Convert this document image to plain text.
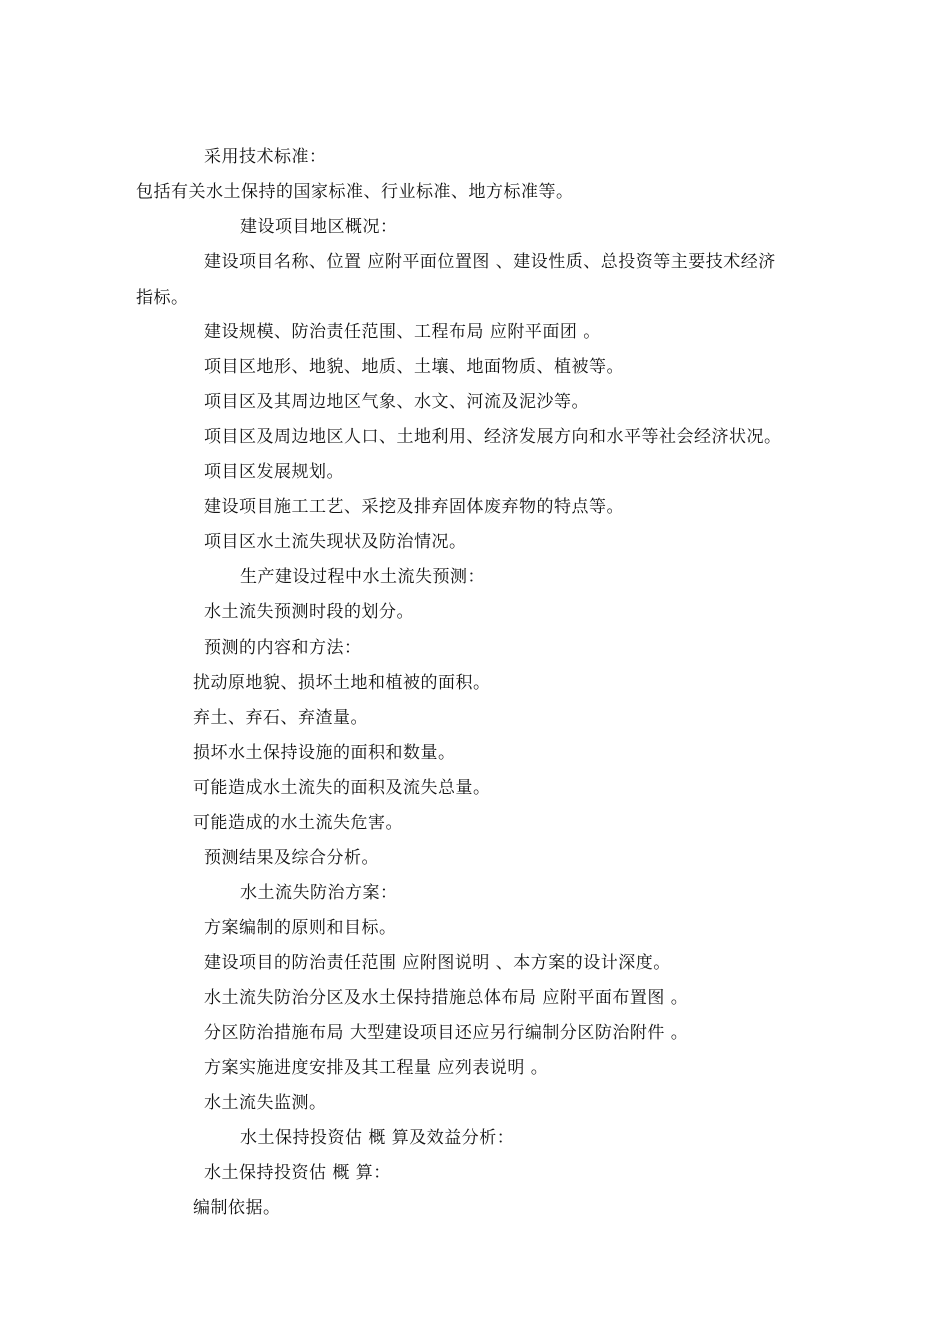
采用技术标准：
包括有关水土保持的国家标准、行业标准、地方标准等。
建设项目地区概况：
建设项目名称、位置 应附平面位置图 、建设性质、总投资等主要技术经济
指标。
建设规模、防治责任范围、工程布局 应附平面团 。
项目区地形、地貌、地质、土壤、地面物质、植被等。
项目区及其周边地区气象、水文、河流及泥沙等。
项目区及周边地区人口、土地利用、经济发展方向和水平等社会经济状况。
项目区发展规划。
建设项目施工工艺、采挖及排弃固体废弃物的特点等。
项目区水土流失现状及防治情况。
生产建设过程中水土流失预测：
水土流失预测时段的划分。
预测的内容和方法：
扰动原地貌、损坏土地和植被的面积。
弃土、弃石、弃渣量。
损坏水土保持设施的面积和数量。
可能造成水土流失的面积及流失总量。
可能造成的水土流失危害。
预测结果及综合分析。
水土流失防治方案：
方案编制的原则和目标。
建设项目的防治责任范围 应附图说明 、本方案的设计深度。
水土流失防治分区及水土保持措施总体布局 应附平面布置图 。
分区防治措施布局 大型建设项目还应另行编制分区防治附件 。
方案实施进度安排及其工程量 应列表说明 。
水土流失监测。
水土保持投资估 概 算及效益分析：
水土保持投资估 概 算：
编制依据。
